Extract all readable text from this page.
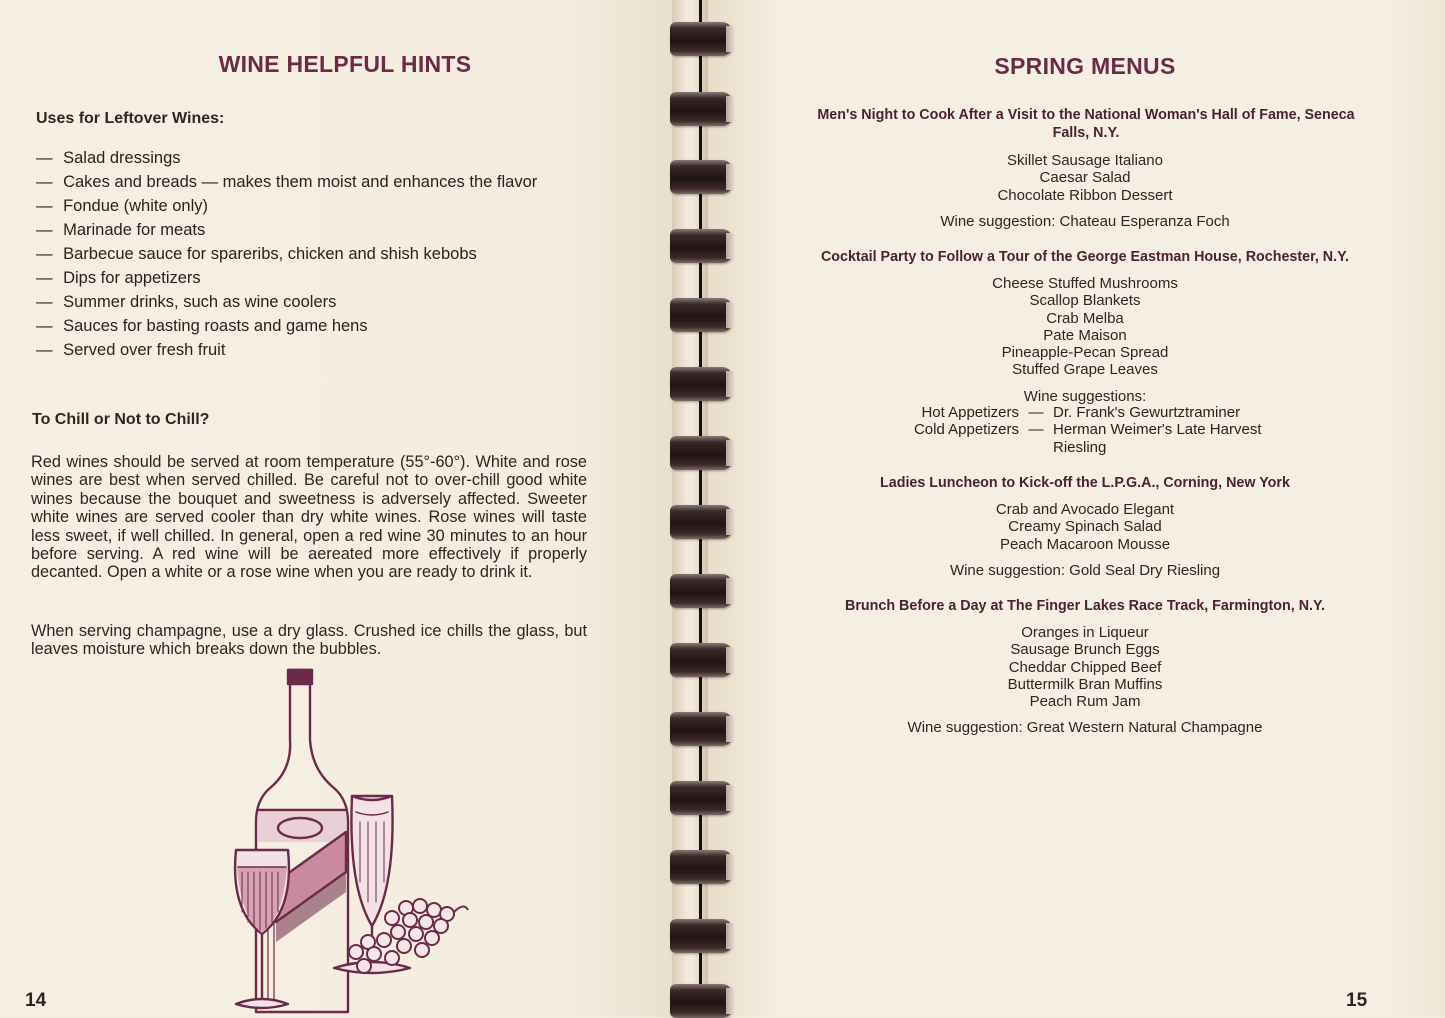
WINE HELPFUL HINTS
Uses for Leftover Wines:
— Salad dressings
— Cakes and breads — makes them moist and enhances the flavor
— Fondue (white only)
— Marinade for meats
— Barbecue sauce for spareribs, chicken and shish kebobs
— Dips for appetizers
— Summer drinks, such as wine coolers
— Sauces for basting roasts and game hens
— Served over fresh fruit
To Chill or Not to Chill?

Red wines should be served at room temperature (55°-60°). White and rose wines are best when served chilled. Be careful not to over-chill good white wines because the bouquet and sweetness is adversely affected. Sweeter white wines are served cooler than dry white wines. Rose wines will taste less sweet, if well chilled. In general, open a red wine 30 minutes to an hour before serving. A red wine will be aereated more effectively if properly decanted. Open a white or a rose wine when you are ready to drink it.

When serving champagne, use a dry glass. Crushed ice chills the glass, but leaves moisture which breaks down the bubbles.

14

SPRING MENUS
Men's Night to Cook After a Visit to the National Woman's Hall of Fame, Seneca Falls, N.Y.
Skillet Sausage Italiano
Caesar Salad
Chocolate Ribbon Dessert

Wine suggestion: Chateau Esperanza Foch

Cocktail Party to Follow a Tour of the George Eastman House, Rochester, N.Y.
Cheese Stuffed Mushrooms
Scallop Blankets
Crab Melba
Pate Maison
Pineapple-Pecan Spread
Stuffed Grape Leaves

Wine suggestions:

Hot Appetizers — Dr. Frank's Gewurtztraminer
Cold Appetizers — Herman Weimer's Late Harvest
Riesling
Ladies Luncheon to Kick-off the L.P.G.A., Corning, New York
Crab and Avocado Elegant
Creamy Spinach Salad
Peach Macaroon Mousse

Wine suggestion: Gold Seal Dry Riesling

Brunch Before a Day at The Finger Lakes Race Track, Farmington, N.Y.
Oranges in Liqueur
Sausage Brunch Eggs
Cheddar Chipped Beef
Buttermilk Bran Muffins
Peach Rum Jam

Wine suggestion: Great Western Natural Champagne

15
